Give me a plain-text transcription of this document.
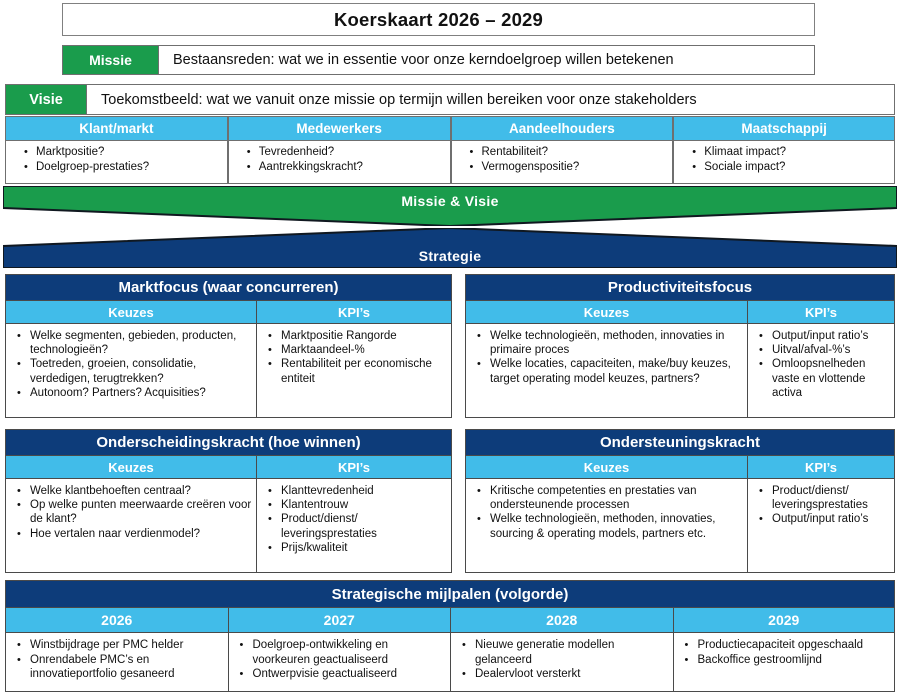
Koerskaart 2026 – 2029
Missie	Bestaansreden: wat we in essentie voor onze kerndoelgroep willen betekenen
Visie	Toekomstbeeld: wat we vanuit onze missie op termijn willen bereiken voor onze stakeholders
Klant/markt
• Marktpositie?
• Doelgroep-prestaties?
Medewerkers
• Tevredenheid?
• Aantrekkingskracht?
Aandeelhouders
• Rentabiliteit?
• Vermogenspositie?
Maatschappij
• Klimaat impact?
• Sociale impact?
Missie & Visie
Strategie
Marktfocus (waar concurreren)
Keuzes
• Welke segmenten, gebieden, producten, technologieën?
• Toetreden, groeien, consolidatie, verdedigen, terugtrekken?
• Autonoom? Partners? Acquisities?
KPI’s
• Marktpositie Rangorde
• Marktaandeel-%
• Rentabiliteit per economische entiteit
Productiviteitsfocus
Keuzes
• Welke technologieën, methoden, innovaties in primaire proces
• Welke locaties, capaciteiten, make/buy keuzes, target operating model keuzes, partners?
KPI’s
• Output/input ratio’s
• Uitval/afval-%’s
• Omloopsnelheden vaste en vlottende activa
Onderscheidingskracht (hoe winnen)
Keuzes
• Welke klantbehoeften centraal?
• Op welke punten meerwaarde creëren voor de klant?
• Hoe vertalen naar verdienmodel?
KPI’s
• Klanttevredenheid
• Klantentrouw
• Product/dienst/ leveringsprestaties
• Prijs/kwaliteit
Ondersteuningskracht
Keuzes
• Kritische competenties en prestaties van ondersteunende processen
• Welke technologieën, methoden, innovaties, sourcing & operating models, partners etc.
KPI’s
• Product/dienst/ leveringsprestaties
• Output/input ratio’s
Strategische mijlpalen (volgorde)
2026
• Winstbijdrage per PMC helder
• Onrendabele PMC’s en innovatieportfolio gesaneerd
2027
• Doelgroep-ontwikkeling en voorkeuren geactualiseerd
• Ontwerpvisie geactualiseerd
2028
• Nieuwe generatie modellen gelanceerd
• Dealervloot versterkt
2029
• Productiecapaciteit opgeschaald
• Backoffice gestroomlijnd
